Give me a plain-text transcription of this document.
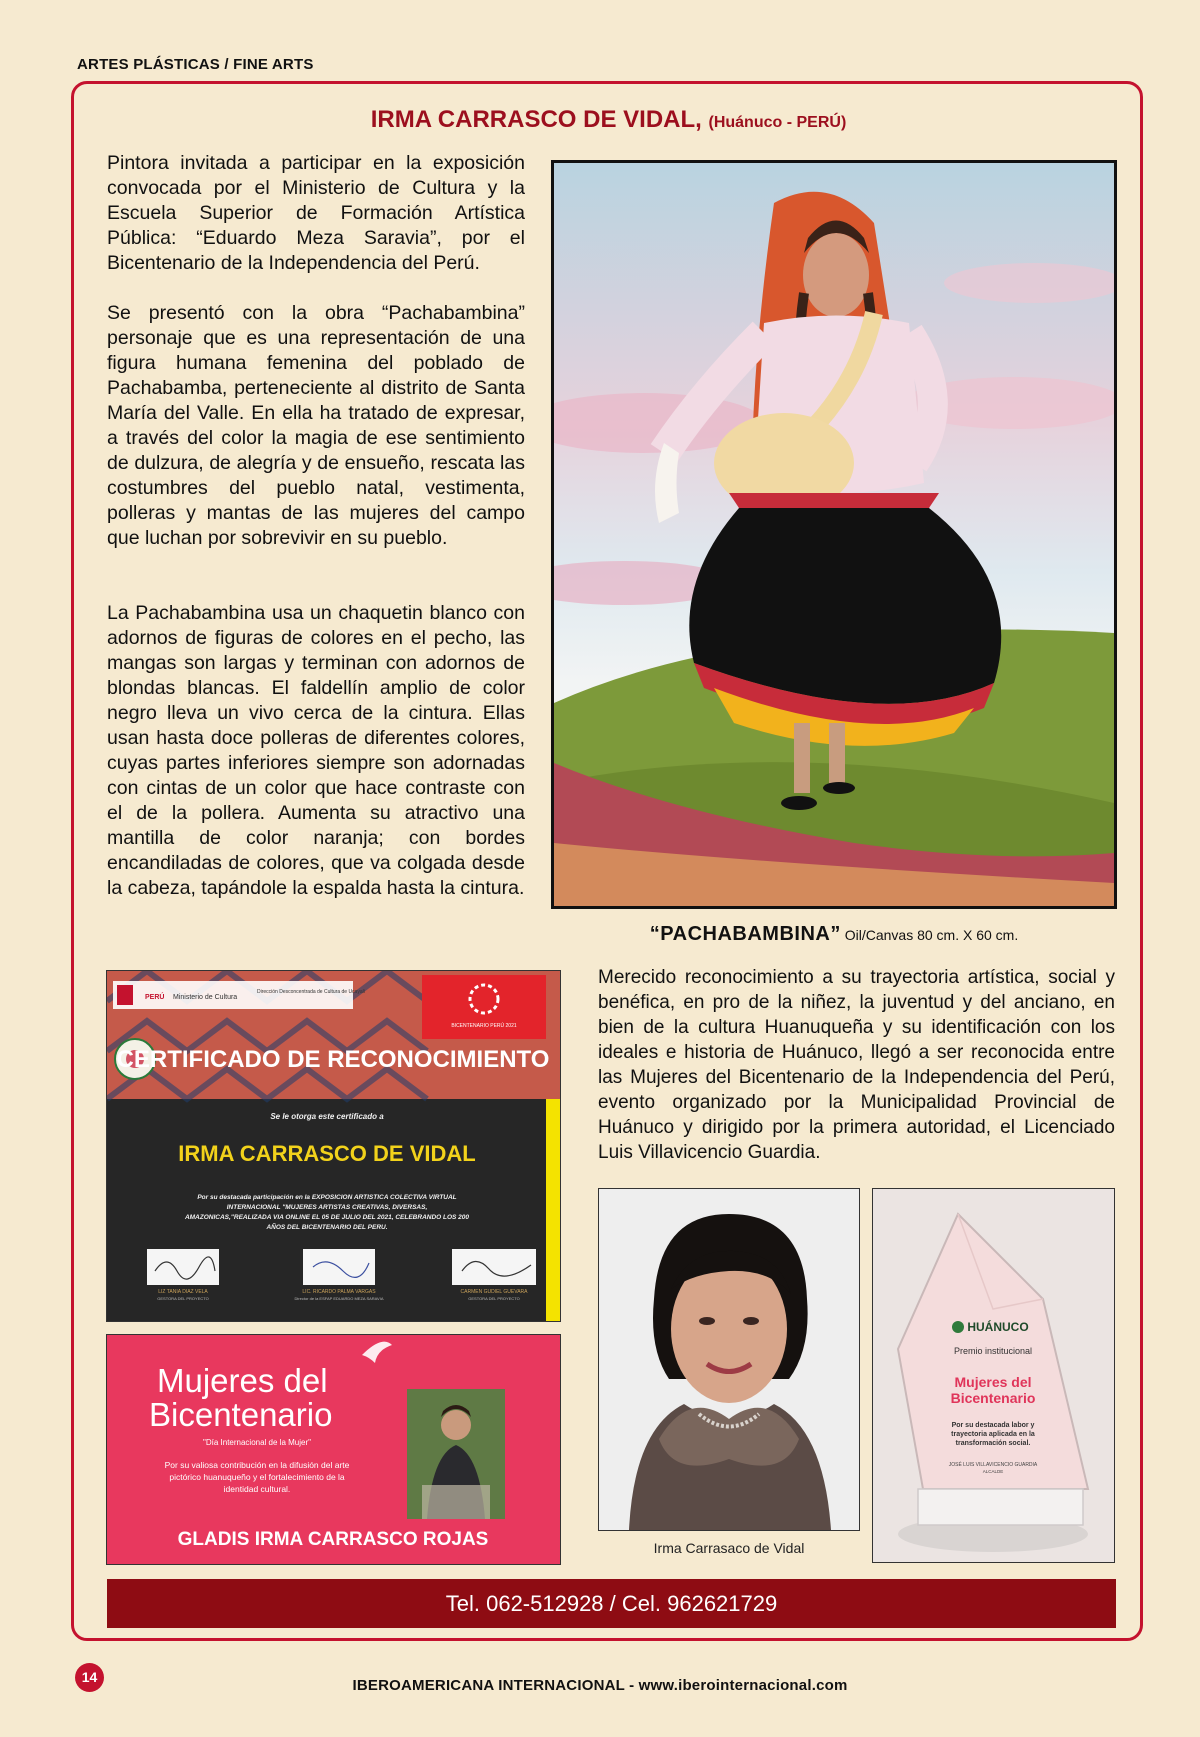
ARTES PLÁSTICAS / FINE ARTS
IRMA CARRASCO DE VIDAL, (Huánuco - PERÚ)

Pintora invitada a participar en la exposición convocada por el Ministerio de Cultura y la Escuela Superior de Formación Artística Pública: “Eduardo Meza Saravia”, por el Bicentenario de la Independencia del Perú.

Se presentó con la obra “Pachabambina” personaje que es una representación de una figura humana femenina del poblado de Pachabamba, perteneciente al distrito de Santa María del Valle. En ella ha tratado de expresar, a través del color la magia de ese sentimiento de dulzura, de alegría y de ensueño, rescata las costumbres del pueblo natal, vestimenta, polleras y mantas de las mujeres del campo que luchan por sobrevivir en su pueblo.

La Pachabambina usa un chaquetin blanco con adornos de figuras de colores en el pecho, las mangas son largas y terminan con adornos de blondas blancas. El faldellín amplio de color negro lleva un vivo cerca de la cintura. Ellas usan hasta doce polleras de diferentes colores, cuyas partes inferiores siempre son adornadas con cintas de un color que hace contraste con el de la pollera. Aumenta su atractivo una mantilla de color naranja; con bordes encandiladas de colores, que va colgada desde la cabeza, tapándole la espalda hasta la cintura.

“PACHABAMBINA” Oil/Canvas 80 cm. X 60 cm.

Merecido reconocimiento a su trayectoria artística, social y benéfica, en pro de la niñez, la juventud y del anciano, en bien de la cultura Huanuqueña y su identificación con los ideales e historia de Huánuco, llegó a ser reconocida entre las Mujeres del Bicentenario de la Independencia del Perú, evento organizado por la Municipalidad Provincial de Huánuco y dirigido por la primera autoridad, el Licenciado Luis Villavicencio Guardia.

PERÚ Ministerio de Cultura
Dirección Desconcentrada de Cultura de Ucayali
BICENTENARIO PERÚ 2021
CERTIFICADO DE RECONOCIMIENTO
Se le otorga este certificado a
IRMA CARRASCO DE VIDAL
Por su destacada participación en la EXPOSICION ARTISTICA COLECTIVA VIRTUAL
INTERNACIONAL "MUJERES ARTISTAS CREATIVAS, DIVERSAS,
AMAZONICAS,"REALIZADA VIA ONLINE EL 05 DE JULIO DEL 2021, CELEBRANDO LOS 200
AÑOS DEL BICENTENARIO DEL PERU.
LIZ TANIA DIAZ VELA
GESTORA DEL PROYECTO
LIC. RICARDO PALMA VARGAS
Director de la ESFAP EDUARDO MEZA SARAVIA
CARMEN GUDIEL GUEVARA
GESTORA DEL PROYECTO
Mujeres del
Bicentenario
"Día Internacional de la Mujer"
Por su valiosa contribución en la difusión del arte
pictórico huanuqueño y el fortalecimiento de la
identidad cultural.
GLADIS IRMA CARRASCO ROJAS	Irma Carrasaco de Vidal
HUÁNUCO
Premio institucional
Mujeres del
Bicentenario
Por su destacada labor y
trayectoria aplicada en la
transformación social.
JOSÉ LUIS VILLAVICENCIO GUARDIA
ALCALDE
Tel. 062-512928 / Cel. 962621729
14	IBEROAMERICANA INTERNACIONAL - www.iberointernacional.com
